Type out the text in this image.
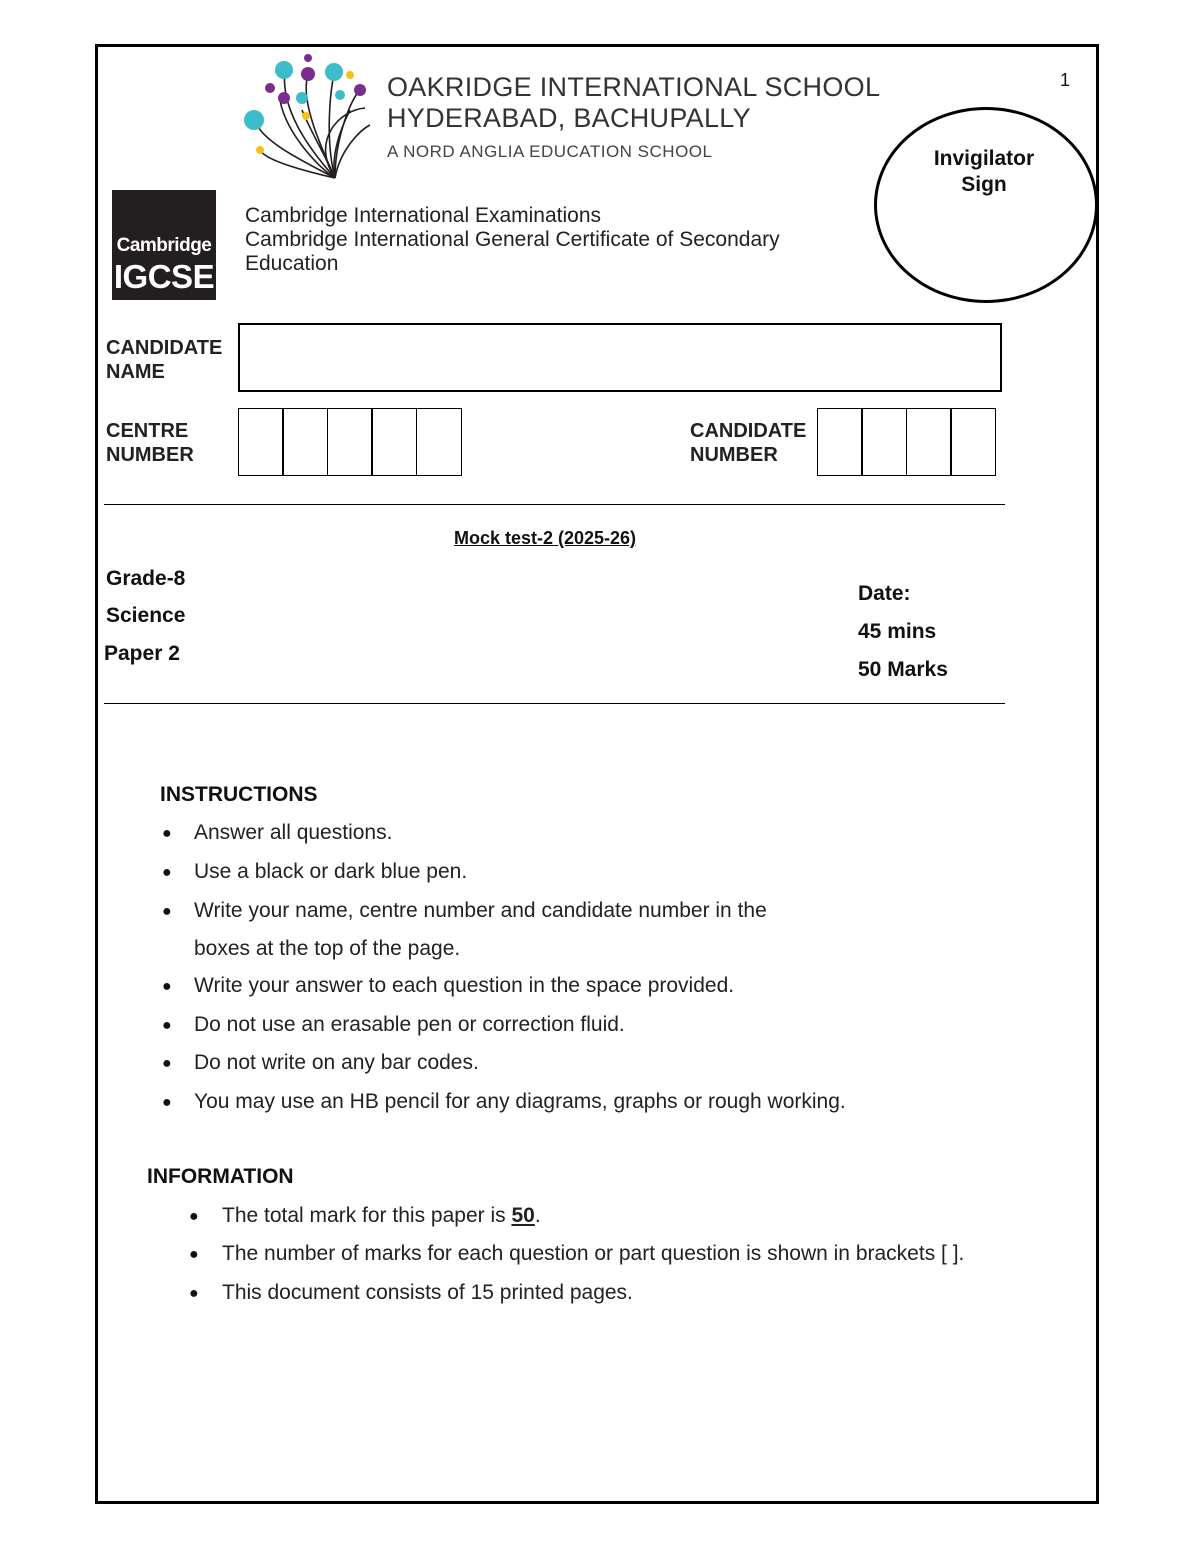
1
OAKRIDGE INTERNATIONAL SCHOOL
HYDERABAD, BACHUPALLY
A NORD ANGLIA EDUCATION SCHOOL
Cambridge
IGCSE
Cambridge International Examinations
Cambridge International General Certificate of Secondary
Education
Invigilator
Sign
CANDIDATE
NAME
CENTRE
NUMBER
CANDIDATE
NUMBER
Mock test-2 (2025-26)
Grade-8
Science
Paper 2
Date:
45 mins
50 Marks
INSTRUCTIONS
● Answer all questions.
● Use a black or dark blue pen.
● Write your name, centre number and candidate number in the
boxes at the top of the page.
● Write your answer to each question in the space provided.
● Do not use an erasable pen or correction fluid.
● Do not write on any bar codes.
● You may use an HB pencil for any diagrams, graphs or rough working.
INFORMATION
● The total mark for this paper is 50.
● The number of marks for each question or part question is shown in brackets [ ].
● This document consists of 15 printed pages.
